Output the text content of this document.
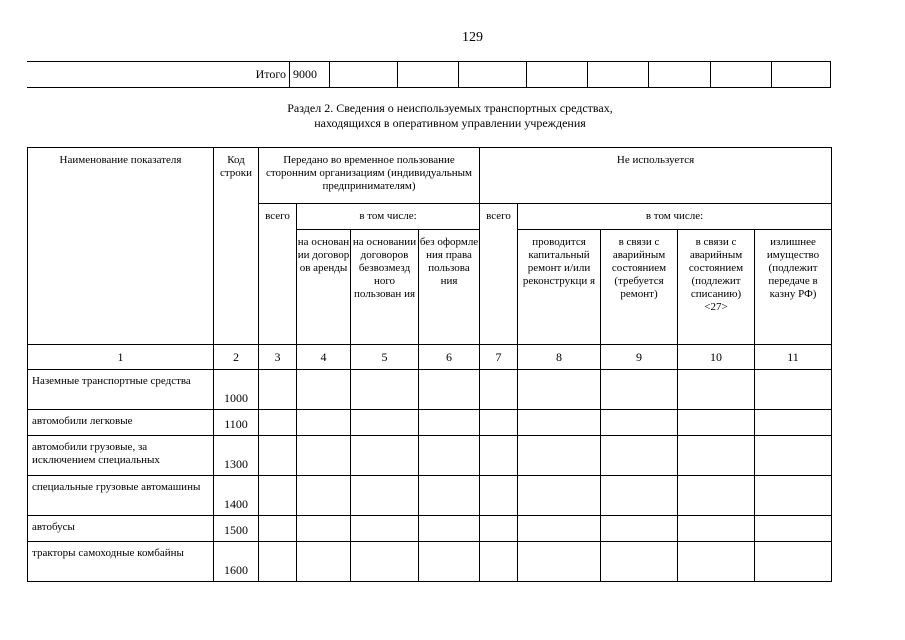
129
Итого	9000								
Раздел 2. Сведения о неиспользуемых транспортных средствах,
находящихся в оперативном управлении учреждения
Наименование показателя	Код строки	Передано во временное пользование сторонним организациям (индивидуальным предпринимателям)				Не используется				
		всего	в том числе:			всего	в том числе:			
			на основан ии договор ов аренды	на основании договоров безвозмезд ного пользован ия	без оформле ния права пользова ния		проводится капитальный ремонт и/или реконструкци я	в связи с аварийным состоянием (требуется ремонт)	в связи с аварийным состоянием (подлежит списанию) <27>	излишнее имущество (подлежит передаче в казну РФ)
1	2	3	4	5	6	7	8	9	10	11
Наземные транспортные средства	1000									
автомобили легковые	1100									
автомобили грузовые, за исключением специальных	1300									
специальные грузовые автомашины	1400									
автобусы	1500									
тракторы самоходные комбайны	1600									
